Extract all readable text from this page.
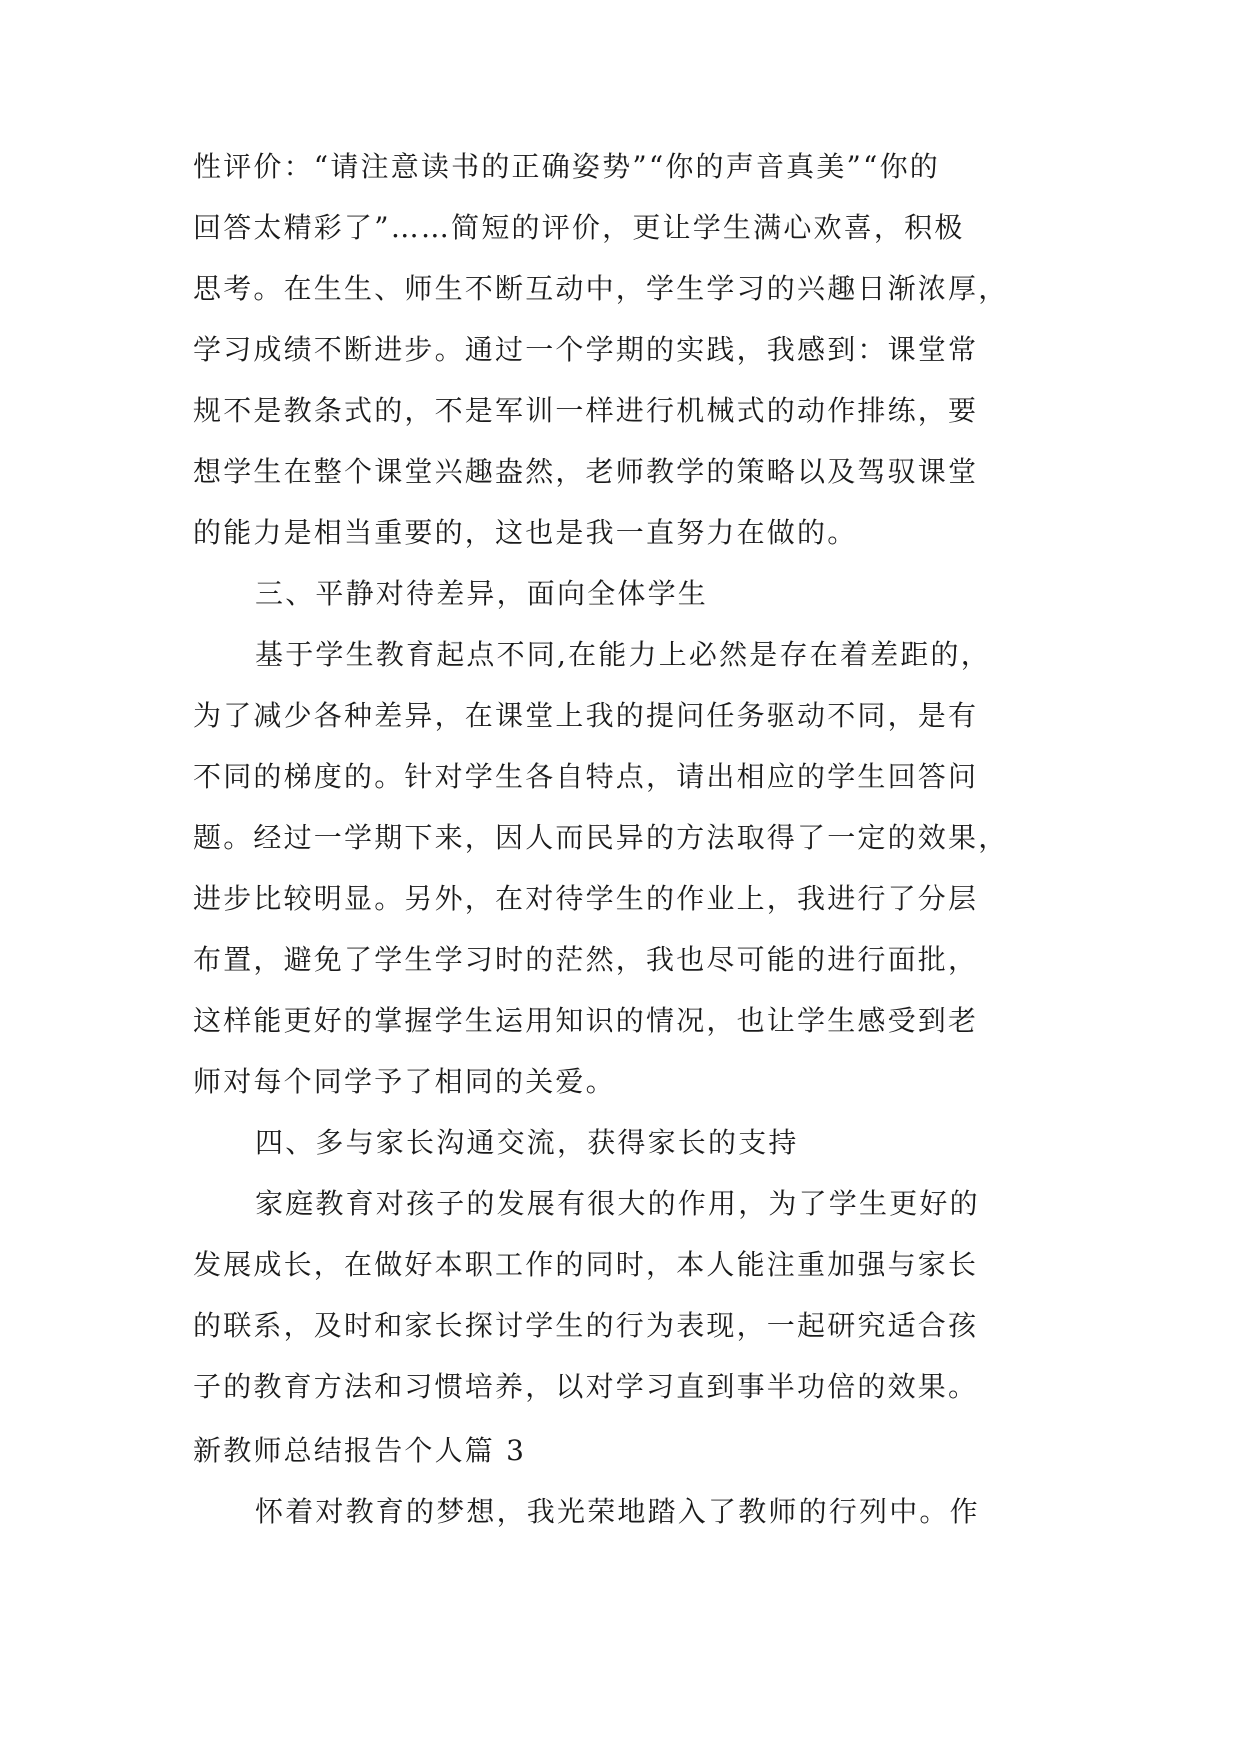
性评价：“请注意读书的正确姿势”“你的声音真美”“你的
回答太精彩了”……简短的评价，更让学生满心欢喜，积极
思考。在生生、师生不断互动中，学生学习的兴趣日渐浓厚，
学习成绩不断进步。通过一个学期的实践，我感到：课堂常
规不是教条式的，不是军训一样进行机械式的动作排练，要
想学生在整个课堂兴趣盎然，老师教学的策略以及驾驭课堂
的能力是相当重要的，这也是我一直努力在做的。
三、平静对待差异，面向全体学生
基于学生教育起点不同,在能力上必然是存在着差距的，
为了减少各种差异，在课堂上我的提问任务驱动不同，是有
不同的梯度的。针对学生各自特点，请出相应的学生回答问
题。经过一学期下来，因人而民异的方法取得了一定的效果，
进步比较明显。另外，在对待学生的作业上，我进行了分层
布置，避免了学生学习时的茫然，我也尽可能的进行面批，
这样能更好的掌握学生运用知识的情况，也让学生感受到老
师对每个同学予了相同的关爱。
四、多与家长沟通交流，获得家长的支持
家庭教育对孩子的发展有很大的作用，为了学生更好的
发展成长，在做好本职工作的同时，本人能注重加强与家长
的联系，及时和家长探讨学生的行为表现，一起研究适合孩
子的教育方法和习惯培养，以对学习直到事半功倍的效果。
新教师总结报告个人篇 3
怀着对教育的梦想，我光荣地踏入了教师的行列中。作
